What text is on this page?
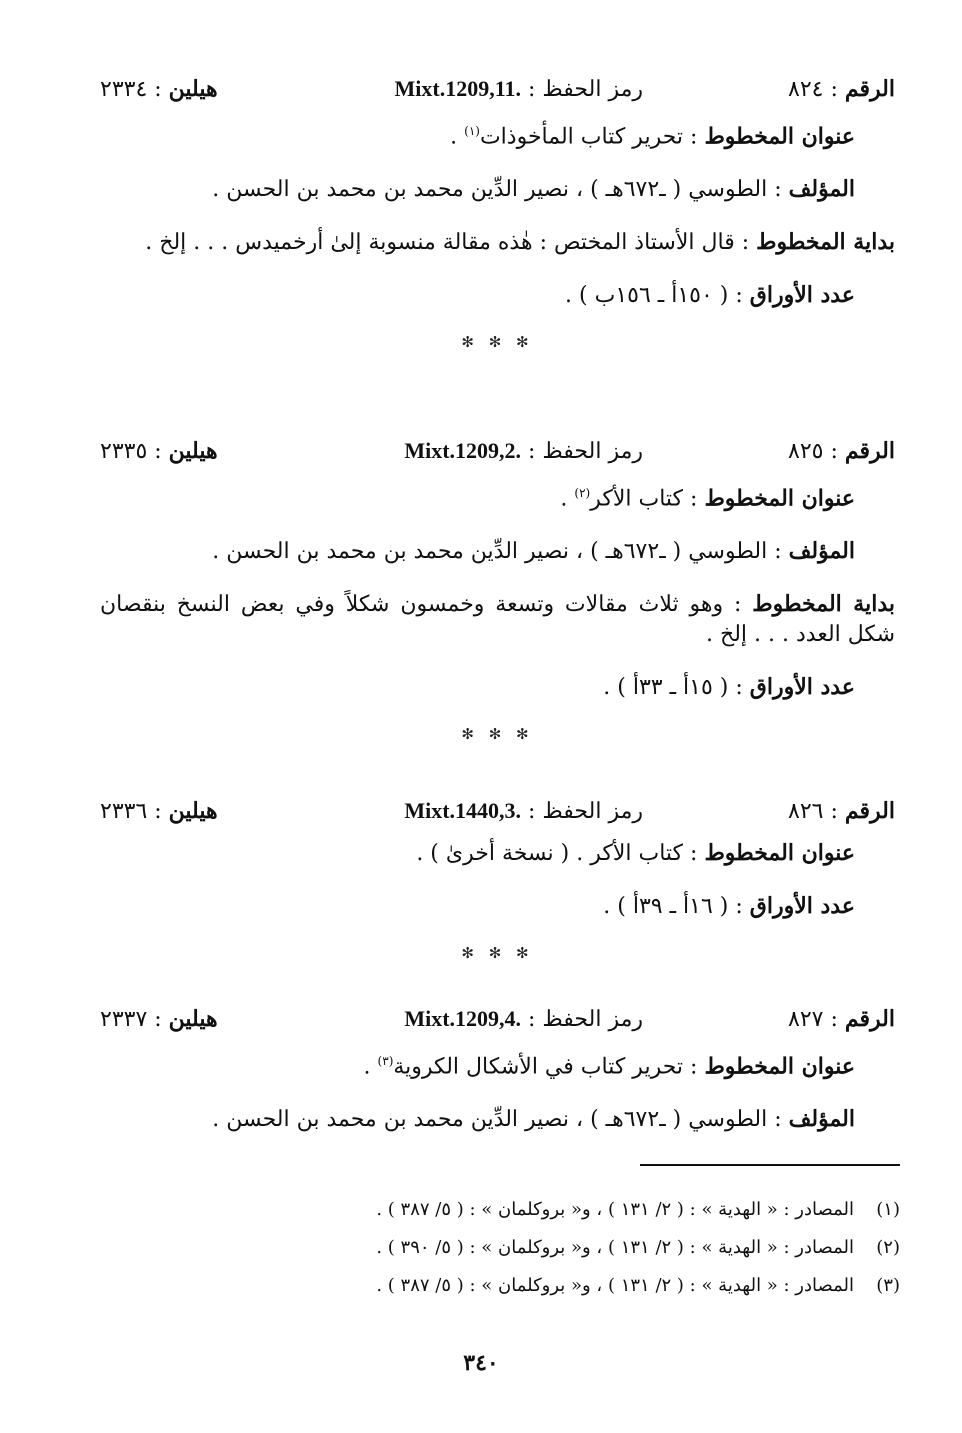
الرقم : ٨٢٤
رمز الحفظ : Mixt.1209,11.
هيلين : ٢٣٣٤

عنوان المخطوط : تحرير كتاب المأخوذات$^{(١)}$ .

المؤلف : الطوسي ( ـ٦٧٢هـ ) ، نصير الدِّين محمد بن محمد بن الحسن .

بداية المخطوط : قال الأستاذ المختص : هٰذه مقالة منسوبة إلىٰ أرخميدس . . . إلخ .

عدد الأوراق : ( ١٥٠أ ـ ١٥٦ب ) .

✻ ✻ ✻
الرقم : ٨٢٥
رمز الحفظ : Mixt.1209,2.
هيلين : ٢٣٣٥

عنوان المخطوط : كتاب الأكر$^{(٢)}$ .

المؤلف : الطوسي ( ـ٦٧٢هـ ) ، نصير الدِّين محمد بن محمد بن الحسن .

بداية المخطوط : وهو ثلاث مقالات وتسعة وخمسون شكلاً وفي بعض النسخ بنقصان شكل العدد . . . إلخ .

عدد الأوراق : ( ١٥أ ـ ٣٣أ ) .

✻ ✻ ✻
الرقم : ٨٢٦
رمز الحفظ : Mixt.1440,3.
هيلين : ٢٣٣٦

عنوان المخطوط : كتاب الأكر . ( نسخة أخرىٰ ) .

عدد الأوراق : ( ١٦أ ـ ٣٩أ ) .

✻ ✻ ✻
الرقم : ٨٢٧
رمز الحفظ : Mixt.1209,4.
هيلين : ٢٣٣٧

عنوان المخطوط : تحرير كتاب في الأشكال الكروية$^{(٣)}$ .

المؤلف : الطوسي ( ـ٦٧٢هـ ) ، نصير الدِّين محمد بن محمد بن الحسن .

(١)المصادر : « الهدية » : ( ٢/ ١٣١ ) ، و« بروكلمان » : ( ٥/ ٣٨٧ ) .
(٢)المصادر : « الهدية » : ( ٢/ ١٣١ ) ، و« بروكلمان » : ( ٥/ ٣٩٠ ) .
(٣)المصادر : « الهدية » : ( ٢/ ١٣١ ) ، و« بروكلمان » : ( ٥/ ٣٨٧ ) .
٣٤٠
